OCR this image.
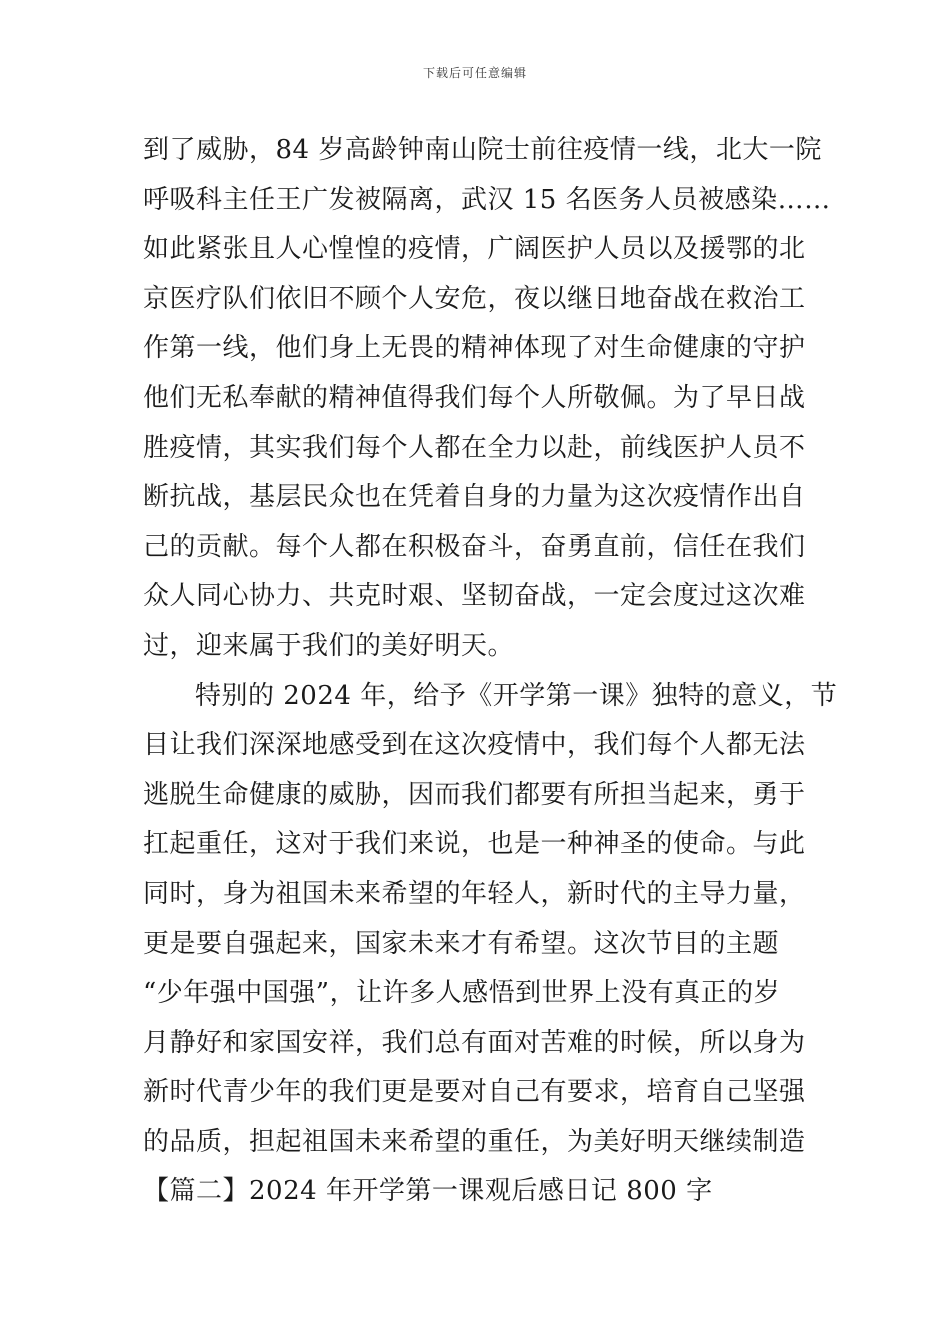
下载后可任意编辑
到了威胁，84 岁高龄钟南山院士前往疫情一线，北大一院
呼吸科主任王广发被隔离，武汉 15 名医务人员被感染……
如此紧张且人心惶惶的疫情，广阔医护人员以及援鄂的北
京医疗队们依旧不顾个人安危，夜以继日地奋战在救治工
作第一线，他们身上无畏的精神体现了对生命健康的守护
他们无私奉献的精神值得我们每个人所敬佩。为了早日战
胜疫情，其实我们每个人都在全力以赴，前线医护人员不
断抗战，基层民众也在凭着自身的力量为这次疫情作出自
己的贡献。每个人都在积极奋斗，奋勇直前，信任在我们
众人同心协力、共克时艰、坚韧奋战，一定会度过这次难
过，迎来属于我们的美好明天。
特别的 2024 年，给予《开学第一课》独特的意义，节
目让我们深深地感受到在这次疫情中，我们每个人都无法
逃脱生命健康的威胁，因而我们都要有所担当起来，勇于
扛起重任，这对于我们来说，也是一种神圣的使命。与此
同时，身为祖国未来希望的年轻人，新时代的主导力量，
更是要自强起来，国家未来才有希望。这次节目的主题
“少年强中国强”，让许多人感悟到世界上没有真正的岁
月静好和家国安祥，我们总有面对苦难的时候，所以身为
新时代青少年的我们更是要对自己有要求，培育自己坚强
的品质，担起祖国未来希望的重任，为美好明天继续制造
【篇二】2024 年开学第一课观后感日记 800 字
